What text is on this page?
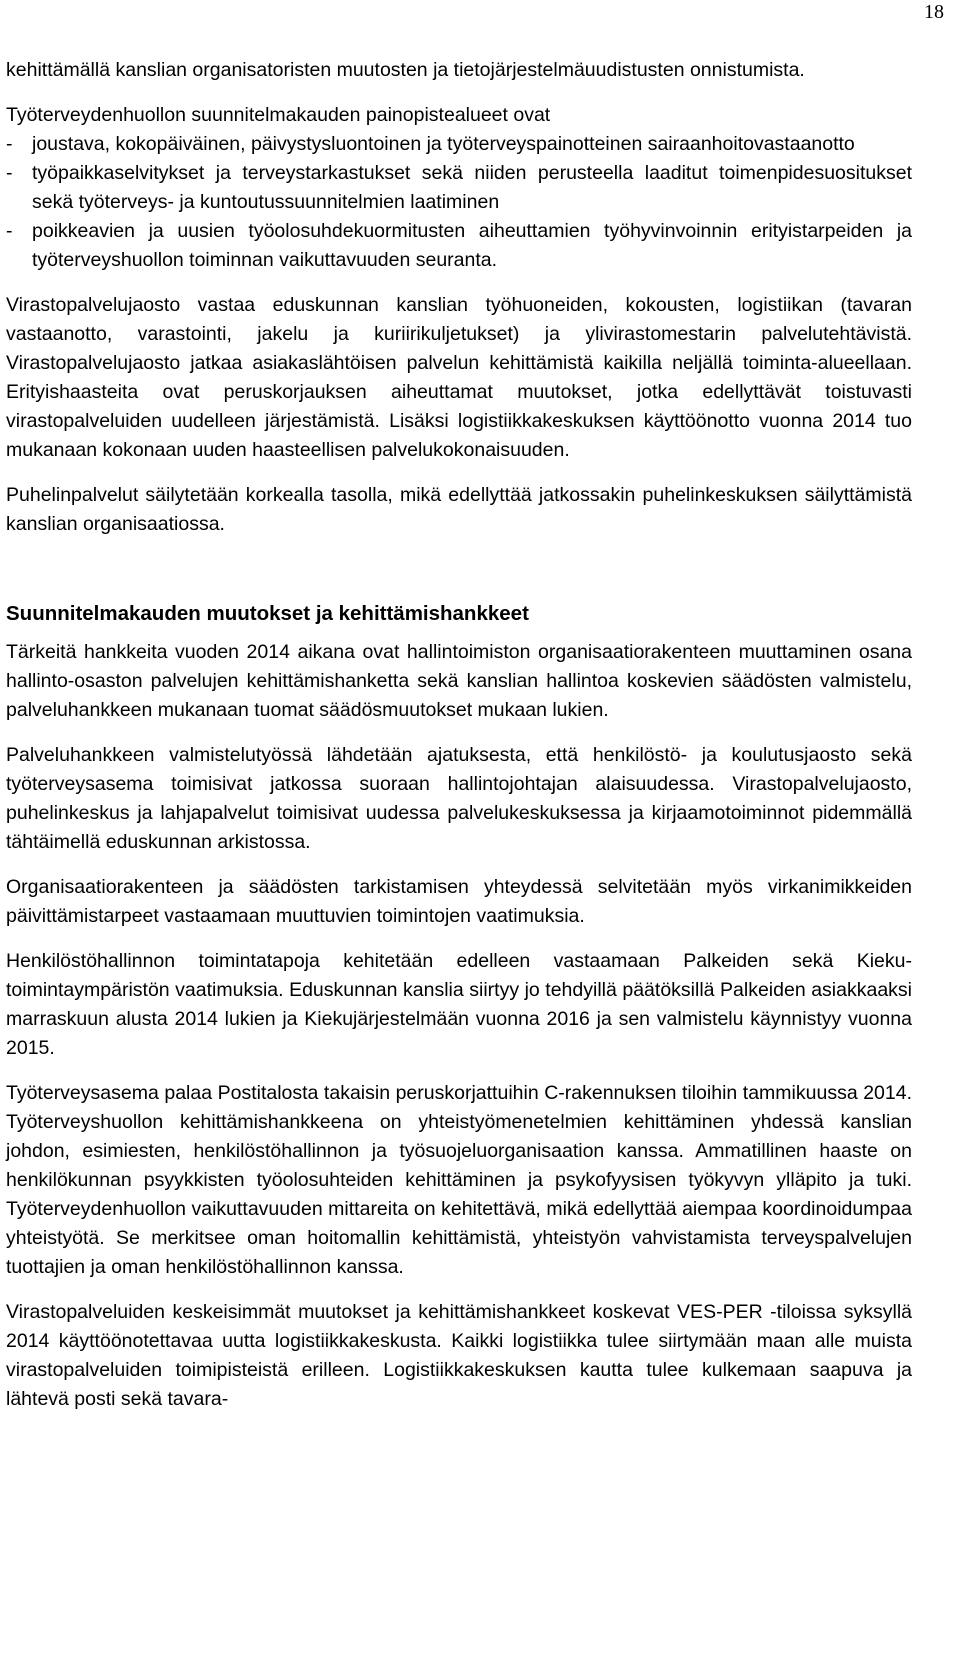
18

kehittämällä kanslian organisatoristen muutosten ja tietojärjestelmäuudistusten onnistumista.

Työterveydenhuollon suunnitelmakauden painopistealueet ovat

-	joustava, kokopäiväinen, päivystysluontoinen ja työterveyspainotteinen sairaanhoitovastaanotto
-	työpaikkaselvitykset ja terveystarkastukset sekä niiden perusteella laaditut toimenpidesuositukset sekä työterveys- ja kuntoutussuunnitelmien laatiminen
-	poikkeavien ja uusien työolosuhdekuormitusten aiheuttamien työhyvinvoinnin erityistarpeiden ja työterveyshuollon toiminnan vaikuttavuuden seuranta.

Virastopalvelujaosto vastaa eduskunnan kanslian työhuoneiden, kokousten, logistiikan (tavaran vastaanotto, varastointi, jakelu ja kuriirikuljetukset) ja ylivirastomestarin palvelutehtävistä. Virastopalvelujaosto jatkaa asiakaslähtöisen palvelun kehittämistä kaikilla neljällä toiminta-alueellaan. Erityishaasteita ovat peruskorjauksen aiheuttamat muutokset, jotka edellyttävät toistuvasti virastopalveluiden uudelleen järjestämistä. Lisäksi logistiikkakeskuksen käyttöönotto vuonna 2014 tuo mukanaan kokonaan uuden haasteellisen palvelukokonaisuuden.

Puhelinpalvelut säilytetään korkealla tasolla, mikä edellyttää jatkossakin puhelinkeskuksen säilyttämistä kanslian organisaatiossa.

Suunnitelmakauden muutokset ja kehittämishankkeet

Tärkeitä hankkeita vuoden 2014 aikana ovat hallintoimiston organisaatiorakenteen muuttaminen osana hallinto-osaston palvelujen kehittämishanketta sekä kanslian hallintoa koskevien säädösten valmistelu, palveluhankkeen mukanaan tuomat säädösmuutokset mukaan lukien.

Palveluhankkeen valmistelutyössä lähdetään ajatuksesta, että henkilöstö- ja koulutusjaosto sekä työterveysasema toimisivat jatkossa suoraan hallintojohtajan alaisuudessa. Virastopalvelujaosto, puhelinkeskus ja lahjapalvelut toimisivat uudessa palvelukeskuksessa ja kirjaamotoiminnot pidemmällä tähtäimellä eduskunnan arkistossa.

Organisaatiorakenteen ja säädösten tarkistamisen yhteydessä selvitetään myös virkanimikkeiden päivittämistarpeet vastaamaan muuttuvien toimintojen vaatimuksia.

Henkilöstöhallinnon toimintatapoja kehitetään edelleen vastaamaan Palkeiden sekä Kieku-toimintaympäristön vaatimuksia. Eduskunnan kanslia siirtyy jo tehdyillä päätöksillä Palkeiden asiakkaaksi marraskuun alusta 2014 lukien ja Kiekujärjestelmään vuonna 2016 ja sen valmistelu käynnistyy vuonna 2015.

Työterveysasema palaa Postitalosta takaisin peruskorjattuihin C-rakennuksen tiloihin tammikuussa 2014. Työterveyshuollon kehittämishankkeena on yhteistyömenetelmien kehittäminen yhdessä kanslian johdon, esimiesten, henkilöstöhallinnon ja työsuojeluorganisaation kanssa. Ammatillinen haaste on henkilökunnan psyykkisten työolosuhteiden kehittäminen ja psykofyysisen työkyvyn ylläpito ja tuki. Työterveydenhuollon vaikuttavuuden mittareita on kehitettävä, mikä edellyttää aiempaa koordinoidumpaa yhteistyötä. Se merkitsee oman hoitomallin kehittämistä, yhteistyön vahvistamista terveyspalvelujen tuottajien ja oman henkilöstöhallinnon kanssa.

Virastopalveluiden keskeisimmät muutokset ja kehittämishankkeet koskevat VES-PER -tiloissa syksyllä 2014 käyttöönotettavaa uutta logistiikkakeskusta. Kaikki logistiikka tulee siirtymään maan alle muista virastopalveluiden toimipisteistä erilleen. Logistiikkakeskuksen kautta tulee kulkemaan saapuva ja lähtevä posti sekä tavara-
